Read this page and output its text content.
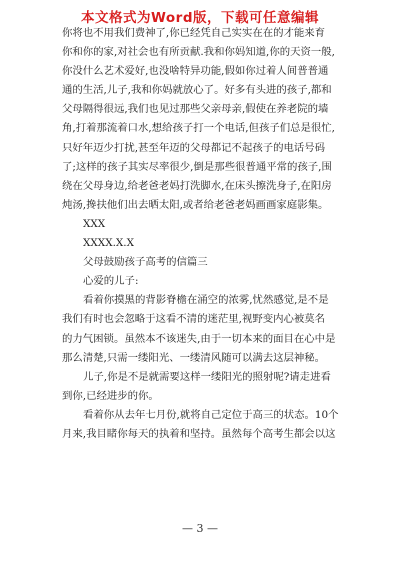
本文格式为Word版，下载可任意编辑
你将也不用我们费神了,你已经凭自己实实在在的才能来育
你和你的家,对社会也有所贡献.我和你妈知道,你的天资一般,
你没什么艺术爱好,也没啥特异功能,假如你过着人间普普通
通的生活,儿子,我和你妈就放心了。好多有头进的孩子,都和
父母隔得很远,我们也见过那些父亲母亲,假使在养老院的墙
角,打着那流着口水,想给孩子打一个电话,但孩子们总是很忙,
只好年迈少打扰,甚至年迈的父母都记不起孩子的电话号码
了;这样的孩子其实尽率很少,倒是那些很普通平常的孩子,围
绕在父母身边,给老爸老妈打洗脚水,在床头擦洗身子,在阳房
炖汤,搀扶他们出去晒太阳,或者给老爸老妈画画家庭影集。
XXX
XXXX.X.X
父母鼓励孩子高考的信篇三
心爱的儿子:
看着你摸黑的背影脊檐在涌空的浓雾,忧然感觉,是不是
我们有时也会忽略于这看不清的迷茫里,视野变内心被莫名
的力气困锁。虽然本不该迷失,由于一切本来的面目在心中是
那么清楚,只需一缕阳光、一缕清风随可以满去这层神秘。
儿子,你是不是就需要这样一缕阳光的照射呢?请走进看
到你,已经进步的你。
看着你从去年七月份,就将自己定位于高三的状态。10个
月来,我目睹你每天的执着和坚持。虽然每个高考生都会以这
— 3 —
